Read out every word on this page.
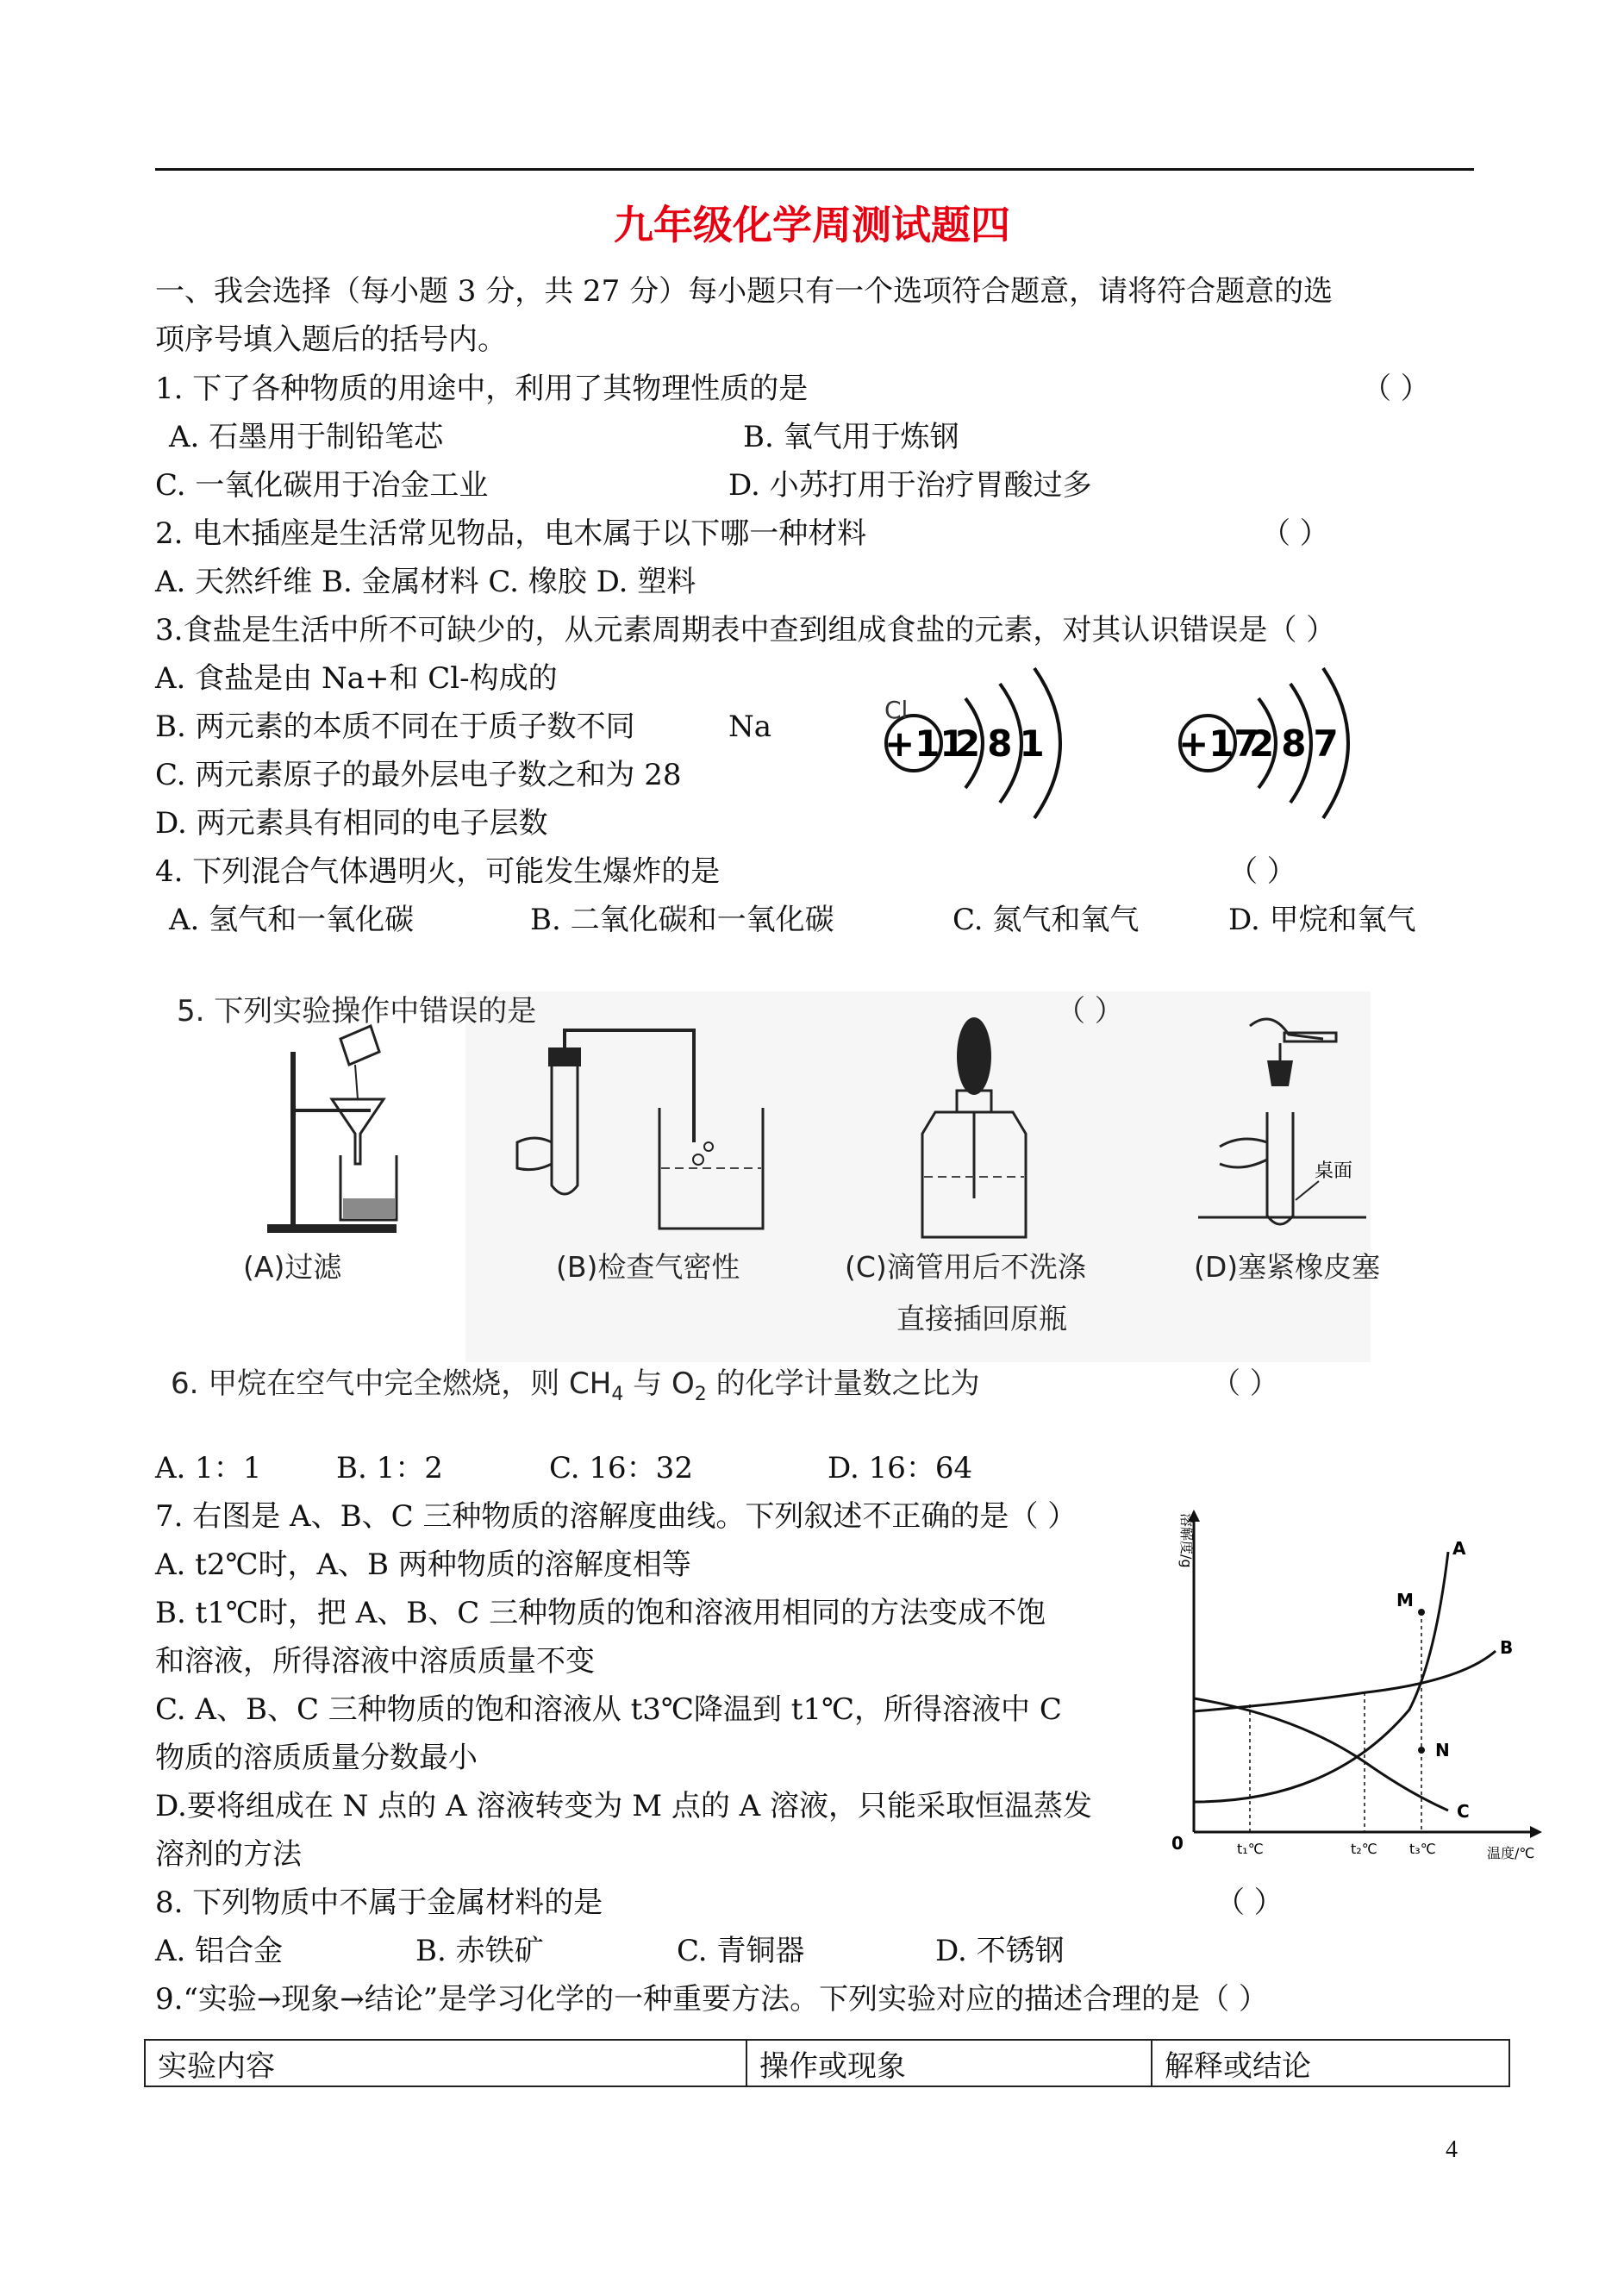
九年级化学周测试题四
一、我会选择（每小题 3 分，共 27 分）每小题只有一个选项符合题意，请将符合题意的选
项序号填入题后的括号内。
1. 下了各种物质的用途中，利用了其物理性质的是	（ ）
A. 石墨用于制铅笔芯	B. 氧气用于炼钢
C. 一氧化碳用于冶金工业	D. 小苏打用于治疗胃酸过多
2. 电木插座是生活常见物品，电木属于以下哪一种材料	（ ）
A. 天然纤维 B. 金属材料 C. 橡胶 D. 塑料
3.食盐是生活中所不可缺少的，从元素周期表中查到组成食盐的元素，对其认识错误是（ ）
A. 食盐是由 Na+和 Cl-构成的
B. 两元素的本质不同在于质子数不同	Na
C. 两元素原子的最外层电子数之和为 28
D. 两元素具有相同的电子层数
Cl
+11
281	+17
287
4. 下列混合气体遇明火，可能发生爆炸的是	（ ）
A. 氢气和一氧化碳	B. 二氧化碳和一氧化碳	C. 氮气和氧气	D. 甲烷和氧气
5. 下列实验操作中错误的是	（ ）
(A)过滤	(B)检查气密性	(C)滴管用后不洗涤
直接插回原瓶
桌面
(D)塞紧橡皮塞
6. 甲烷在空气中完全燃烧，则 $CH_4$ 与 $O_2$ 的化学计量数之比为	（ ）
A. 1：1	B. 1：2	C. 16：32	D. 16：64
7. 右图是 A、B、C 三种物质的溶解度曲线。下列叙述不正确的是（ ）
A. t2℃时，A、B 两种物质的溶解度相等
B. t1℃时，把 A、B、C 三种物质的饱和溶液用相同的方法变成不饱
和溶液，所得溶液中溶质质量不变
C. A、B、C 三种物质的饱和溶液从 t3℃降温到 t1℃，所得溶液中 C
物质的溶质质量分数最小
D.要将组成在 N 点的 A 溶液转变为 M 点的 A 溶液，只能采取恒温蒸发
溶剂的方法
溶解度/g
温度/℃
0
M
N
A
B
C
t₁℃	t₂℃ t₃℃
8. 下列物质中不属于金属材料的是	（ ）
A. 铝合金	B. 赤铁矿	C. 青铜器	D. 不锈钢
9.“实验→现象→结论”是学习化学的一种重要方法。下列实验对应的描述合理的是（ ）
实验内容	操作或现象	解释或结论
4
